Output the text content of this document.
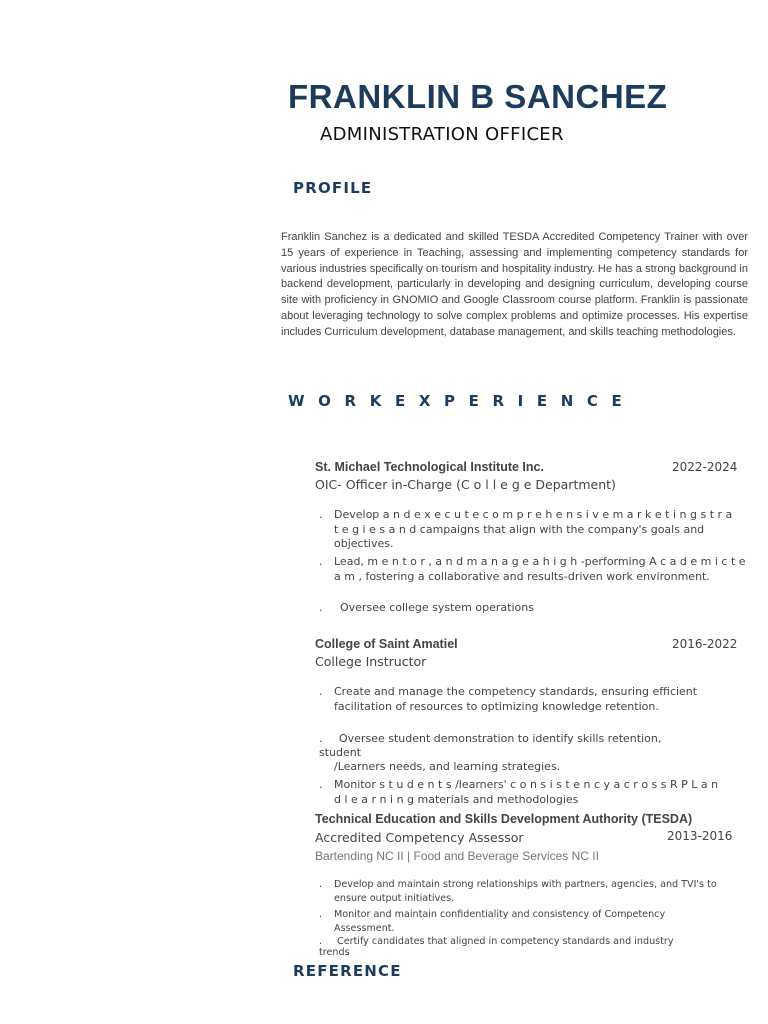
FRANKLIN B SANCHEZ
ADMINISTRATION OFFICER
PROFILE
Franklin Sanchez is a dedicated and skilled TESDA Accredited Competency Trainer with over 15 years of experience in Teaching, assessing and implementing competency standards for various industries specifically on tourism and hospitality industry. He has a strong background in backend development, particularly in developing and designing curriculum, developing course site with proficiency in GNOMIO and Google Classroom course platform. Franklin is passionate about leveraging technology to solve complex problems and optimize processes. His expertise includes Curriculum development, database management, and skills teaching methodologies.
W O R K E X P E R I E N C E
St. Michael Technological Institute Inc.	2022-2024
OIC- Officer in-Charge (C o l l e g e Department)
.	Develop a n d e x e c u t e c o m p r e h e n s i v e m a r k e t i n g s t r a t e g i e s a n d campaigns that align with the company's goals and objectives.
.	Lead, m e n t o r , a n d m a n a g e a h i g h -performing A c a d e m i c t e a m , fostering a collaborative and results-driven work environment.
.	Oversee college system operations
College of Saint Amatiel	2016-2022
College Instructor
.	Create and manage the competency standards, ensuring efficient facilitation of resources to optimizing knowledge retention.
.	Oversee student demonstration to identify skills retention,
student
/Learners needs, and learning strategies.
.	Monitor s t u d e n t s /learners' c o n s i s t e n c y a c r o s s R P L a n d l e a r n i n g materials and methodologies
Technical Education and Skills Development Authority (TESDA)
Accredited Competency Assessor	2013-2016
Bartending NC II | Food and Beverage Services NC II
.	Develop and maintain strong relationships with partners, agencies, and TVI's to ensure output initiatives.
.	Monitor and maintain confidentiality and consistency of Competency Assessment.
.	Certify candidates that aligned in competency standards and industry
trends
REFERENCE
